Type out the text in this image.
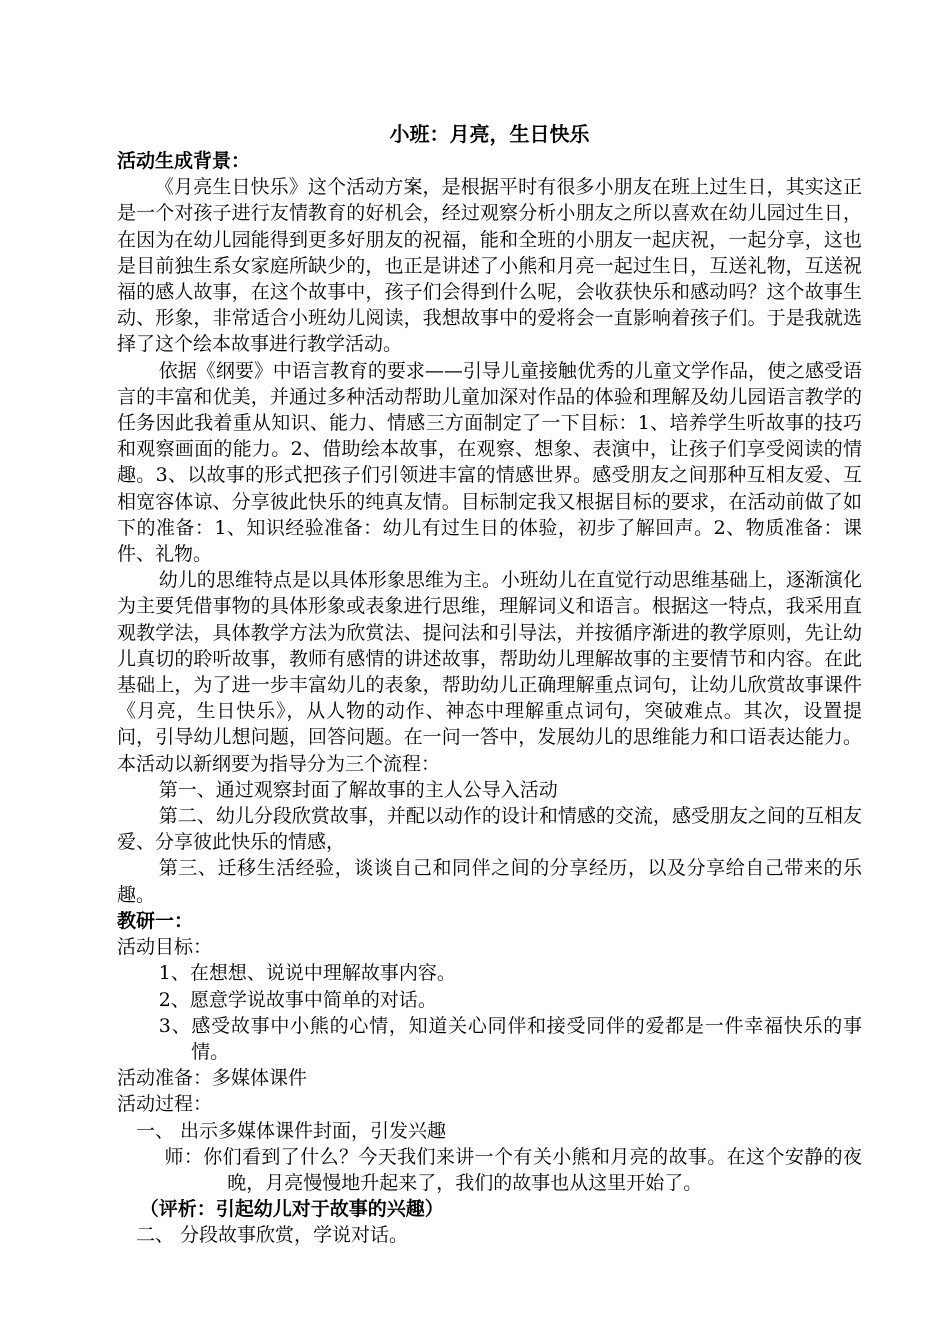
小班：月亮，生日快乐

活动生成背景：

《月亮生日快乐》这个活动方案，是根据平时有很多小朋友在班上过生日，其实这正是一个对孩子进行友情教育的好机会，经过观察分析小朋友之所以喜欢在幼儿园过生日，在因为在幼儿园能得到更多好朋友的祝福，能和全班的小朋友一起庆祝，一起分享，这也是目前独生系女家庭所缺少的，也正是讲述了小熊和月亮一起过生日，互送礼物，互送祝福的感人故事，在这个故事中，孩子们会得到什么呢，会收获快乐和感动吗？这个故事生动、形象，非常适合小班幼儿阅读，我想故事中的爱将会一直影响着孩子们。于是我就选择了这个绘本故事进行教学活动。

依据《纲要》中语言教育的要求——引导儿童接触优秀的儿童文学作品，使之感受语言的丰富和优美，并通过多种活动帮助儿童加深对作品的体验和理解及幼儿园语言教学的任务因此我着重从知识、能力、情感三方面制定了一下目标：1、培养学生听故事的技巧和观察画面的能力。2、借助绘本故事，在观察、想象、表演中，让孩子们享受阅读的情趣。3、以故事的形式把孩子们引领进丰富的情感世界。感受朋友之间那种互相友爱、互相宽容体谅、分享彼此快乐的纯真友情。目标制定我又根据目标的要求，在活动前做了如下的准备：1、知识经验准备：幼儿有过生日的体验，初步了解回声。2、物质准备：课件、礼物。

幼儿的思维特点是以具体形象思维为主。小班幼儿在直觉行动思维基础上，逐渐演化为主要凭借事物的具体形象或表象进行思维，理解词义和语言。根据这一特点，我采用直观教学法，具体教学方法为欣赏法、提问法和引导法，并按循序渐进的教学原则，先让幼儿真切的聆听故事，教师有感情的讲述故事，帮助幼儿理解故事的主要情节和内容。在此基础上，为了进一步丰富幼儿的表象，帮助幼儿正确理解重点词句，让幼儿欣赏故事课件《月亮，生日快乐》，从人物的动作、神态中理解重点词句，突破难点。其次，设置提问，引导幼儿想问题，回答问题。在一问一答中，发展幼儿的思维能力和口语表达能力。本活动以新纲要为指导分为三个流程：

第一、通过观察封面了解故事的主人公导入活动

第二、幼儿分段欣赏故事，并配以动作的设计和情感的交流，感受朋友之间的互相友爱、分享彼此快乐的情感，

第三、迁移生活经验，谈谈自己和同伴之间的分享经历，以及分享给自己带来的乐趣。

教研一：

活动目标：

1、在想想、说说中理解故事内容。

2、愿意学说故事中简单的对话。

3、感受故事中小熊的心情，知道关心同伴和接受同伴的爱都是一件幸福快乐的事情。

活动准备：多媒体课件

活动过程：

一、 出示多媒体课件封面，引发兴趣

师：你们看到了什么？今天我们来讲一个有关小熊和月亮的故事。在这个安静的夜晚，月亮慢慢地升起来了，我们的故事也从这里开始了。

（评析：引起幼儿对于故事的兴趣）

二、 分段故事欣赏，学说对话。
